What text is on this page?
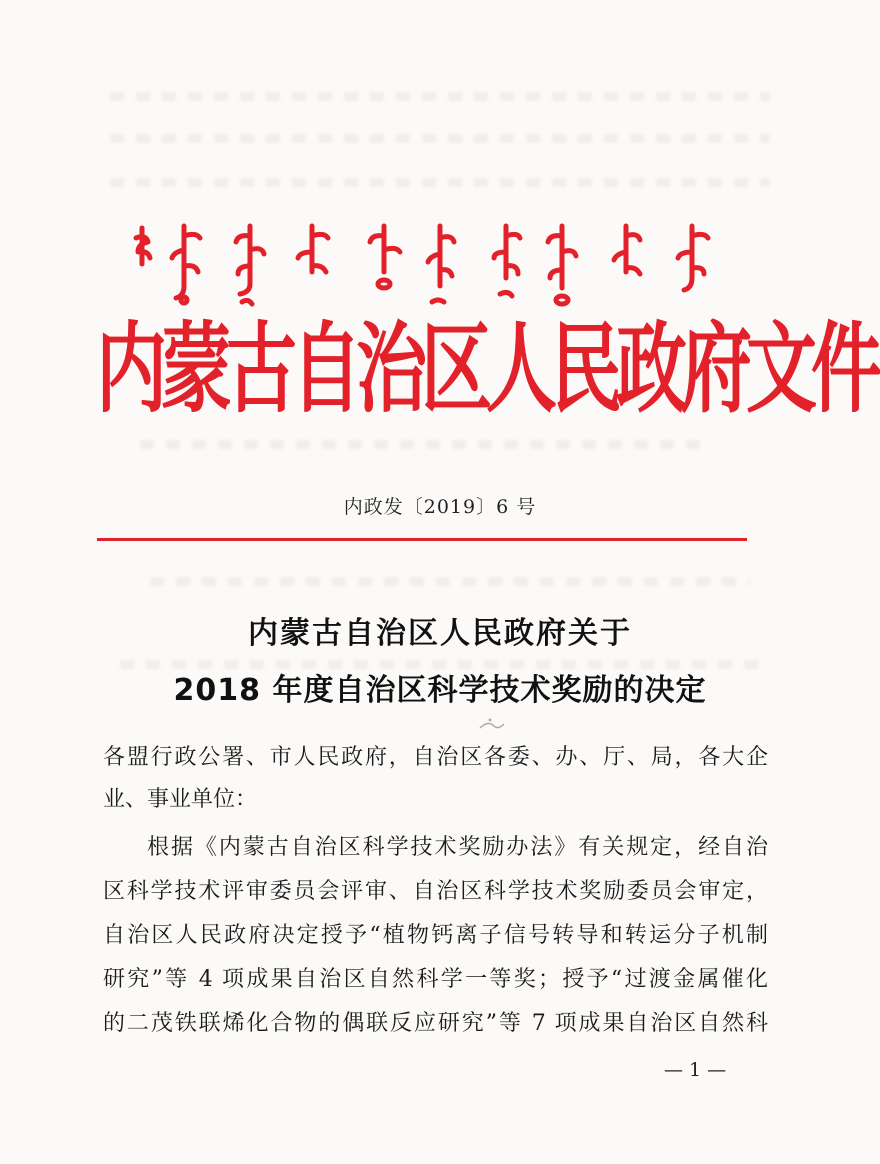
内蒙古自治区人民政府文件
内政发〔2019〕6 号
内蒙古自治区人民政府关于
2018 年度自治区科学技术奖励的决定
各盟行政公署、市人民政府，自治区各委、办、厅、局，各大企
业、事业单位：
根据《内蒙古自治区科学技术奖励办法》有关规定，经自治
区科学技术评审委员会评审、自治区科学技术奖励委员会审定，
自治区人民政府决定授予“植物钙离子信号转导和转运分子机制
研究”等 4 项成果自治区自然科学一等奖；授予“过渡金属催化
的二茂铁联烯化合物的偶联反应研究”等 7 项成果自治区自然科
— 1 —
